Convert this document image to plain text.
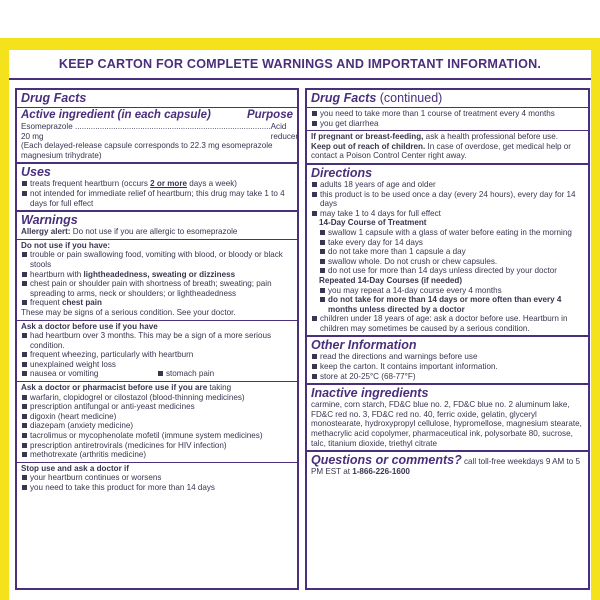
KEEP CARTON FOR COMPLETE WARNINGS AND IMPORTANT INFORMATION.
Drug Facts
Active ingredient (in each capsule)	Purpose
Esomeprazole 20 mg
....................................................................................... Acid reducer
(Each delayed-release capsule corresponds to 22.3 mg esomeprazole magnesium trihydrate)
Uses
treats frequent heartburn (occurs 2 or more days a week)
not intended for immediate relief of heartburn; this drug may take 1 to 4 days for full effect
Warnings
Allergy alert: Do not use if you are allergic to esomeprazole
Do not use if you have:
trouble or pain swallowing food, vomiting with blood, or bloody or black stools
heartburn with lightheadedness, sweating or dizziness
chest pain or shoulder pain with shortness of breath; sweating; pain spreading to arms, neck or shoulders; or lightheadedness
frequent chest pain
These may be signs of a serious condition. See your doctor.
Ask a doctor before use if you have
had heartburn over 3 months. This may be a sign of a more serious condition.
frequent wheezing, particularly with heartburn
unexplained weight loss
nausea or vomiting	stomach pain
Ask a doctor or pharmacist before use if you are taking
warfarin, clopidogrel or cilostazol (blood-thinning medicines)
prescription antifungal or anti-yeast medicines
digoxin (heart medicine)
diazepam (anxiety medicine)
tacrolimus or mycophenolate mofetil (immune system medicines)
prescription antiretrovirals (medicines for HIV infection)
methotrexate (arthritis medicine)
Stop use and ask a doctor if
your heartburn continues or worsens
you need to take this product for more than 14 days
Drug Facts (continued)
you need to take more than 1 course of treatment every 4 months
you get diarrhea
If pregnant or breast-feeding, ask a health professional before use.
Keep out of reach of children. In case of overdose, get medical help or contact a Poison Control Center right away.
Directions
adults 18 years of age and older
this product is to be used once a day (every 24 hours), every day for 14 days
may take 1 to 4 days for full effect
14-Day Course of Treatment
swallow 1 capsule with a glass of water before eating in the morning
take every day for 14 days
do not take more than 1 capsule a day
swallow whole. Do not crush or chew capsules.
do not use for more than 14 days unless directed by your doctor
Repeated 14-Day Courses (if needed)
you may repeat a 14-day course every 4 months
do not take for more than 14 days or more often than every 4 months unless directed by a doctor
children under 18 years of age: ask a doctor before use. Heartburn in children may sometimes be caused by a serious condition.
Other Information
read the directions and warnings before use
keep the carton. It contains important information.
store at 20-25°C (68-77°F)
Inactive ingredients
carmine, corn starch, FD&C blue no. 2, FD&C blue no. 2 aluminum lake, FD&C red no. 3, FD&C red no. 40, ferric oxide, gelatin, glyceryl monostearate, hydroxypropyl cellulose, hypromellose, magnesium stearate, methacrylic acid copolymer, pharmaceutical ink, polysorbate 80, sucrose, talc, titanium dioxide, triethyl citrate
Questions or comments? call toll-free weekdays 9 AM to 5 PM EST at 1-866-226-1600
